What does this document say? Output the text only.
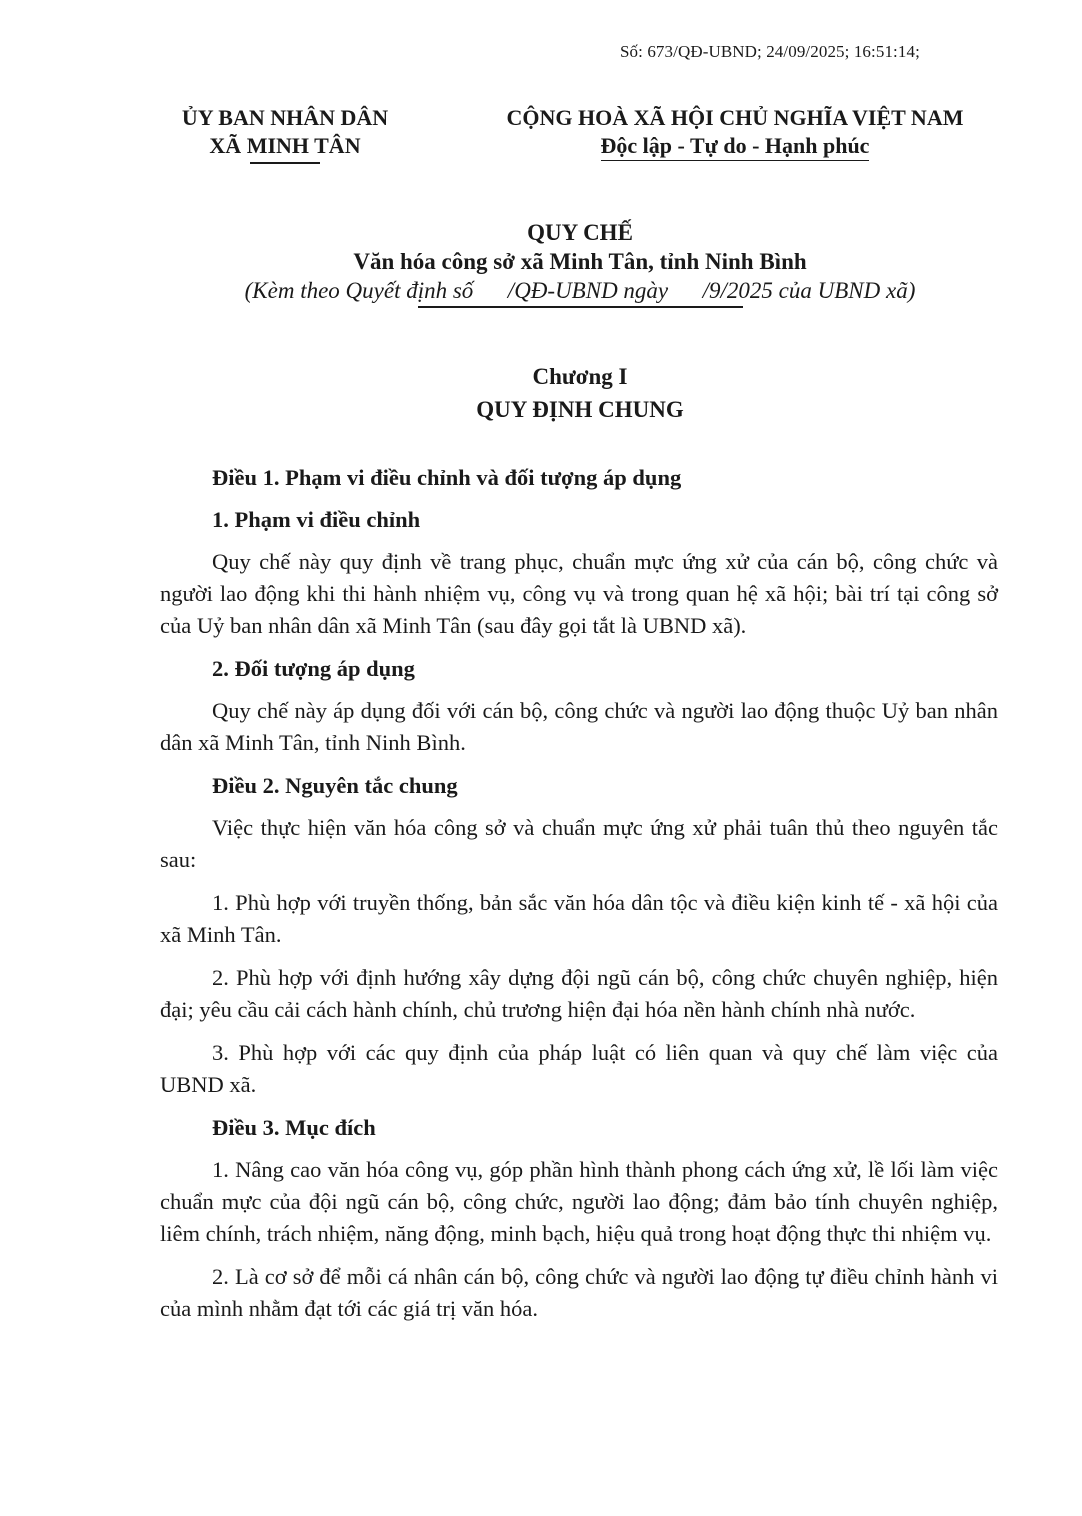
Số: 673/QĐ-UBND; 24/09/2025; 16:51:14;
ỦY BAN NHÂN DÂN
XÃ MINH TÂN
CỘNG HOÀ XÃ HỘI CHỦ NGHĨA VIỆT NAM
Độc lập - Tự do - Hạnh phúc
QUY CHẾ
Văn hóa công sở xã Minh Tân, tỉnh Ninh Bình
(Kèm theo Quyết định số      /QĐ-UBND ngày      /9/2025 của UBND xã)
Chương I
QUY ĐỊNH CHUNG

Điều 1. Phạm vi điều chỉnh và đối tượng áp dụng

1. Phạm vi điều chỉnh

Quy chế này quy định về trang phục, chuẩn mực ứng xử của cán bộ, công chức và người lao động khi thi hành nhiệm vụ, công vụ và trong quan hệ xã hội; bài trí tại công sở của Uỷ ban nhân dân xã Minh Tân (sau đây gọi tắt là UBND xã).

2. Đối tượng áp dụng

Quy chế này áp dụng đối với cán bộ, công chức và người lao động thuộc Uỷ ban nhân dân xã Minh Tân, tỉnh Ninh Bình.

Điều 2. Nguyên tắc chung

Việc thực hiện văn hóa công sở và chuẩn mực ứng xử phải tuân thủ theo nguyên tắc sau:

1. Phù hợp với truyền thống, bản sắc văn hóa dân tộc và điều kiện kinh tế - xã hội của xã Minh Tân.

2. Phù hợp với định hướng xây dựng đội ngũ cán bộ, công chức chuyên nghiệp, hiện đại; yêu cầu cải cách hành chính, chủ trương hiện đại hóa nền hành chính nhà nước.

3. Phù hợp với các quy định của pháp luật có liên quan và quy chế làm việc của UBND xã.

Điều 3. Mục đích

1. Nâng cao văn hóa công vụ, góp phần hình thành phong cách ứng xử, lề lối làm việc chuẩn mực của đội ngũ cán bộ, công chức, người lao động; đảm bảo tính chuyên nghiệp, liêm chính, trách nhiệm, năng động, minh bạch, hiệu quả trong hoạt động thực thi nhiệm vụ.

2. Là cơ sở để mỗi cá nhân cán bộ, công chức và người lao động tự điều chỉnh hành vi của mình nhằm đạt tới các giá trị văn hóa.
